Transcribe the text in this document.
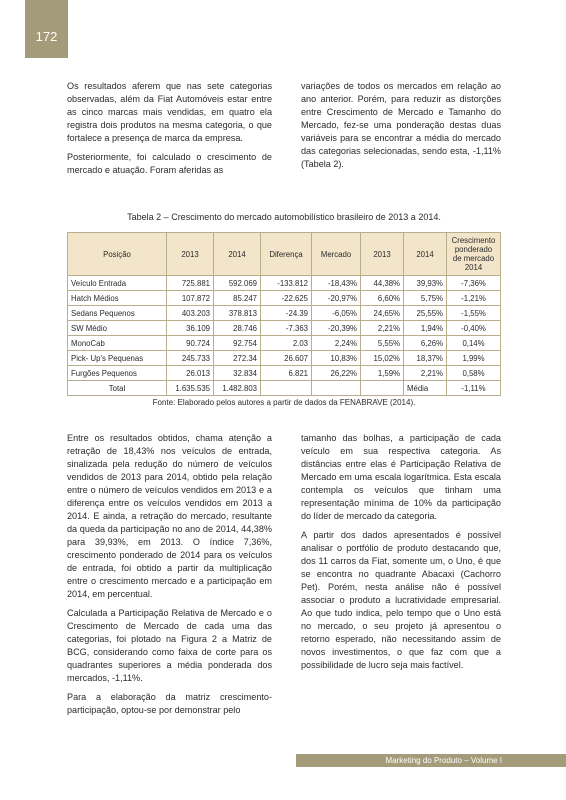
172

Os resultados aferem que nas sete categorias observadas, além da Fiat Automóveis estar entre as cinco marcas mais vendidas, em quatro ela registra dois produtos na mesma categoria, o que fortalece a presença de marca da empresa.

Posteriormente, foi calculado o crescimento de mercado e atuação. Foram aferidas as

variações de todos os mercados em relação ao ano anterior. Porém, para reduzir as distorções entre Crescimento de Mercado e Tamanho do Mercado, fez-se uma ponderação destas duas variáveis para se encontrar a média do mercado das categorias selecionadas, sendo esta, -1,11% (Tabela 2).

Tabela 2 – Crescimento do mercado automobilístico brasileiro de 2013 a 2014.
Posição	2013	2014	Diferença	Mercado	2013	2014	Crescimento ponderado de mercado 2014
Veículo Entrada	725.881	592.069	-133.812	-18,43%	44,38%	39,93%	-7,36%
Hatch Médios	107.872	85.247	-22.625	-20,97%	6,60%	5,75%	-1,21%
Sedans Pequenos	403.203	378.813	-24.39	-6,05%	24,65%	25,55%	-1,55%
SW Médio	36.109	28.746	-7.363	-20,39%	2,21%	1,94%	-0,40%
MonoCab	90.724	92.754	2.03	2,24%	5,55%	6,26%	0,14%
Pick- Up's Pequenas	245.733	272.34	26.607	10,83%	15,02%	18,37%	1,99%
Furgões Pequenos	26.013	32.834	6.821	26,22%	1,59%	2,21%	0,58%
Total	1.635.535	1.482.803				Média	-1,11%
Fonte: Elaborado pelos autores a partir de dados da FENABRAVE (2014).

Entre os resultados obtidos, chama atenção a retração de 18,43% nos veículos de entrada, sinalizada pela redução do número de veículos vendidos de 2013 para 2014, obtido pela relação entre o número de veículos vendidos em 2013 e a diferença entre os veículos vendidos em 2013 a 2014. E ainda, a retração do mercado, resultante da queda da participação no ano de 2014, 44,38% para 39,93%, em 2013. O índice 7,36%, crescimento ponderado de 2014 para os veículos de entrada, foi obtido a partir da multiplicação entre o crescimento mercado e a participação em 2014, em percentual.

Calculada a Participação Relativa de Mercado e o Crescimento de Mercado de cada uma das categorias, foi plotado na Figura 2 a Matriz de BCG, considerando como faixa de corte para os quadrantes superiores a média ponderada dos mercados, -1,11%.

Para a elaboração da matriz crescimento-participação, optou-se por demonstrar pelo

tamanho das bolhas, a participação de cada veículo em sua respectiva categoria. As distâncias entre elas é Participação Relativa de Mercado em uma escala logarítmica. Esta escala contempla os veículos que tinham uma representação mínima de 10% da participação do líder de mercado da categoria.

A partir dos dados apresentados é possível analisar o portfólio de produto destacando que, dos 11 carros da Fiat, somente um, o Uno, é que se encontra no quadrante Abacaxi (Cachorro Pet). Porém, nesta análise não é possível associar o produto a lucratividade empresarial. Ao que tudo indica, pelo tempo que o Uno está no mercado, o seu projeto já apresentou o retorno esperado, não necessitando assim de novos investimentos, o que faz com que a possibilidade de lucro seja mais factível.

Marketing do Produto – Volume I
